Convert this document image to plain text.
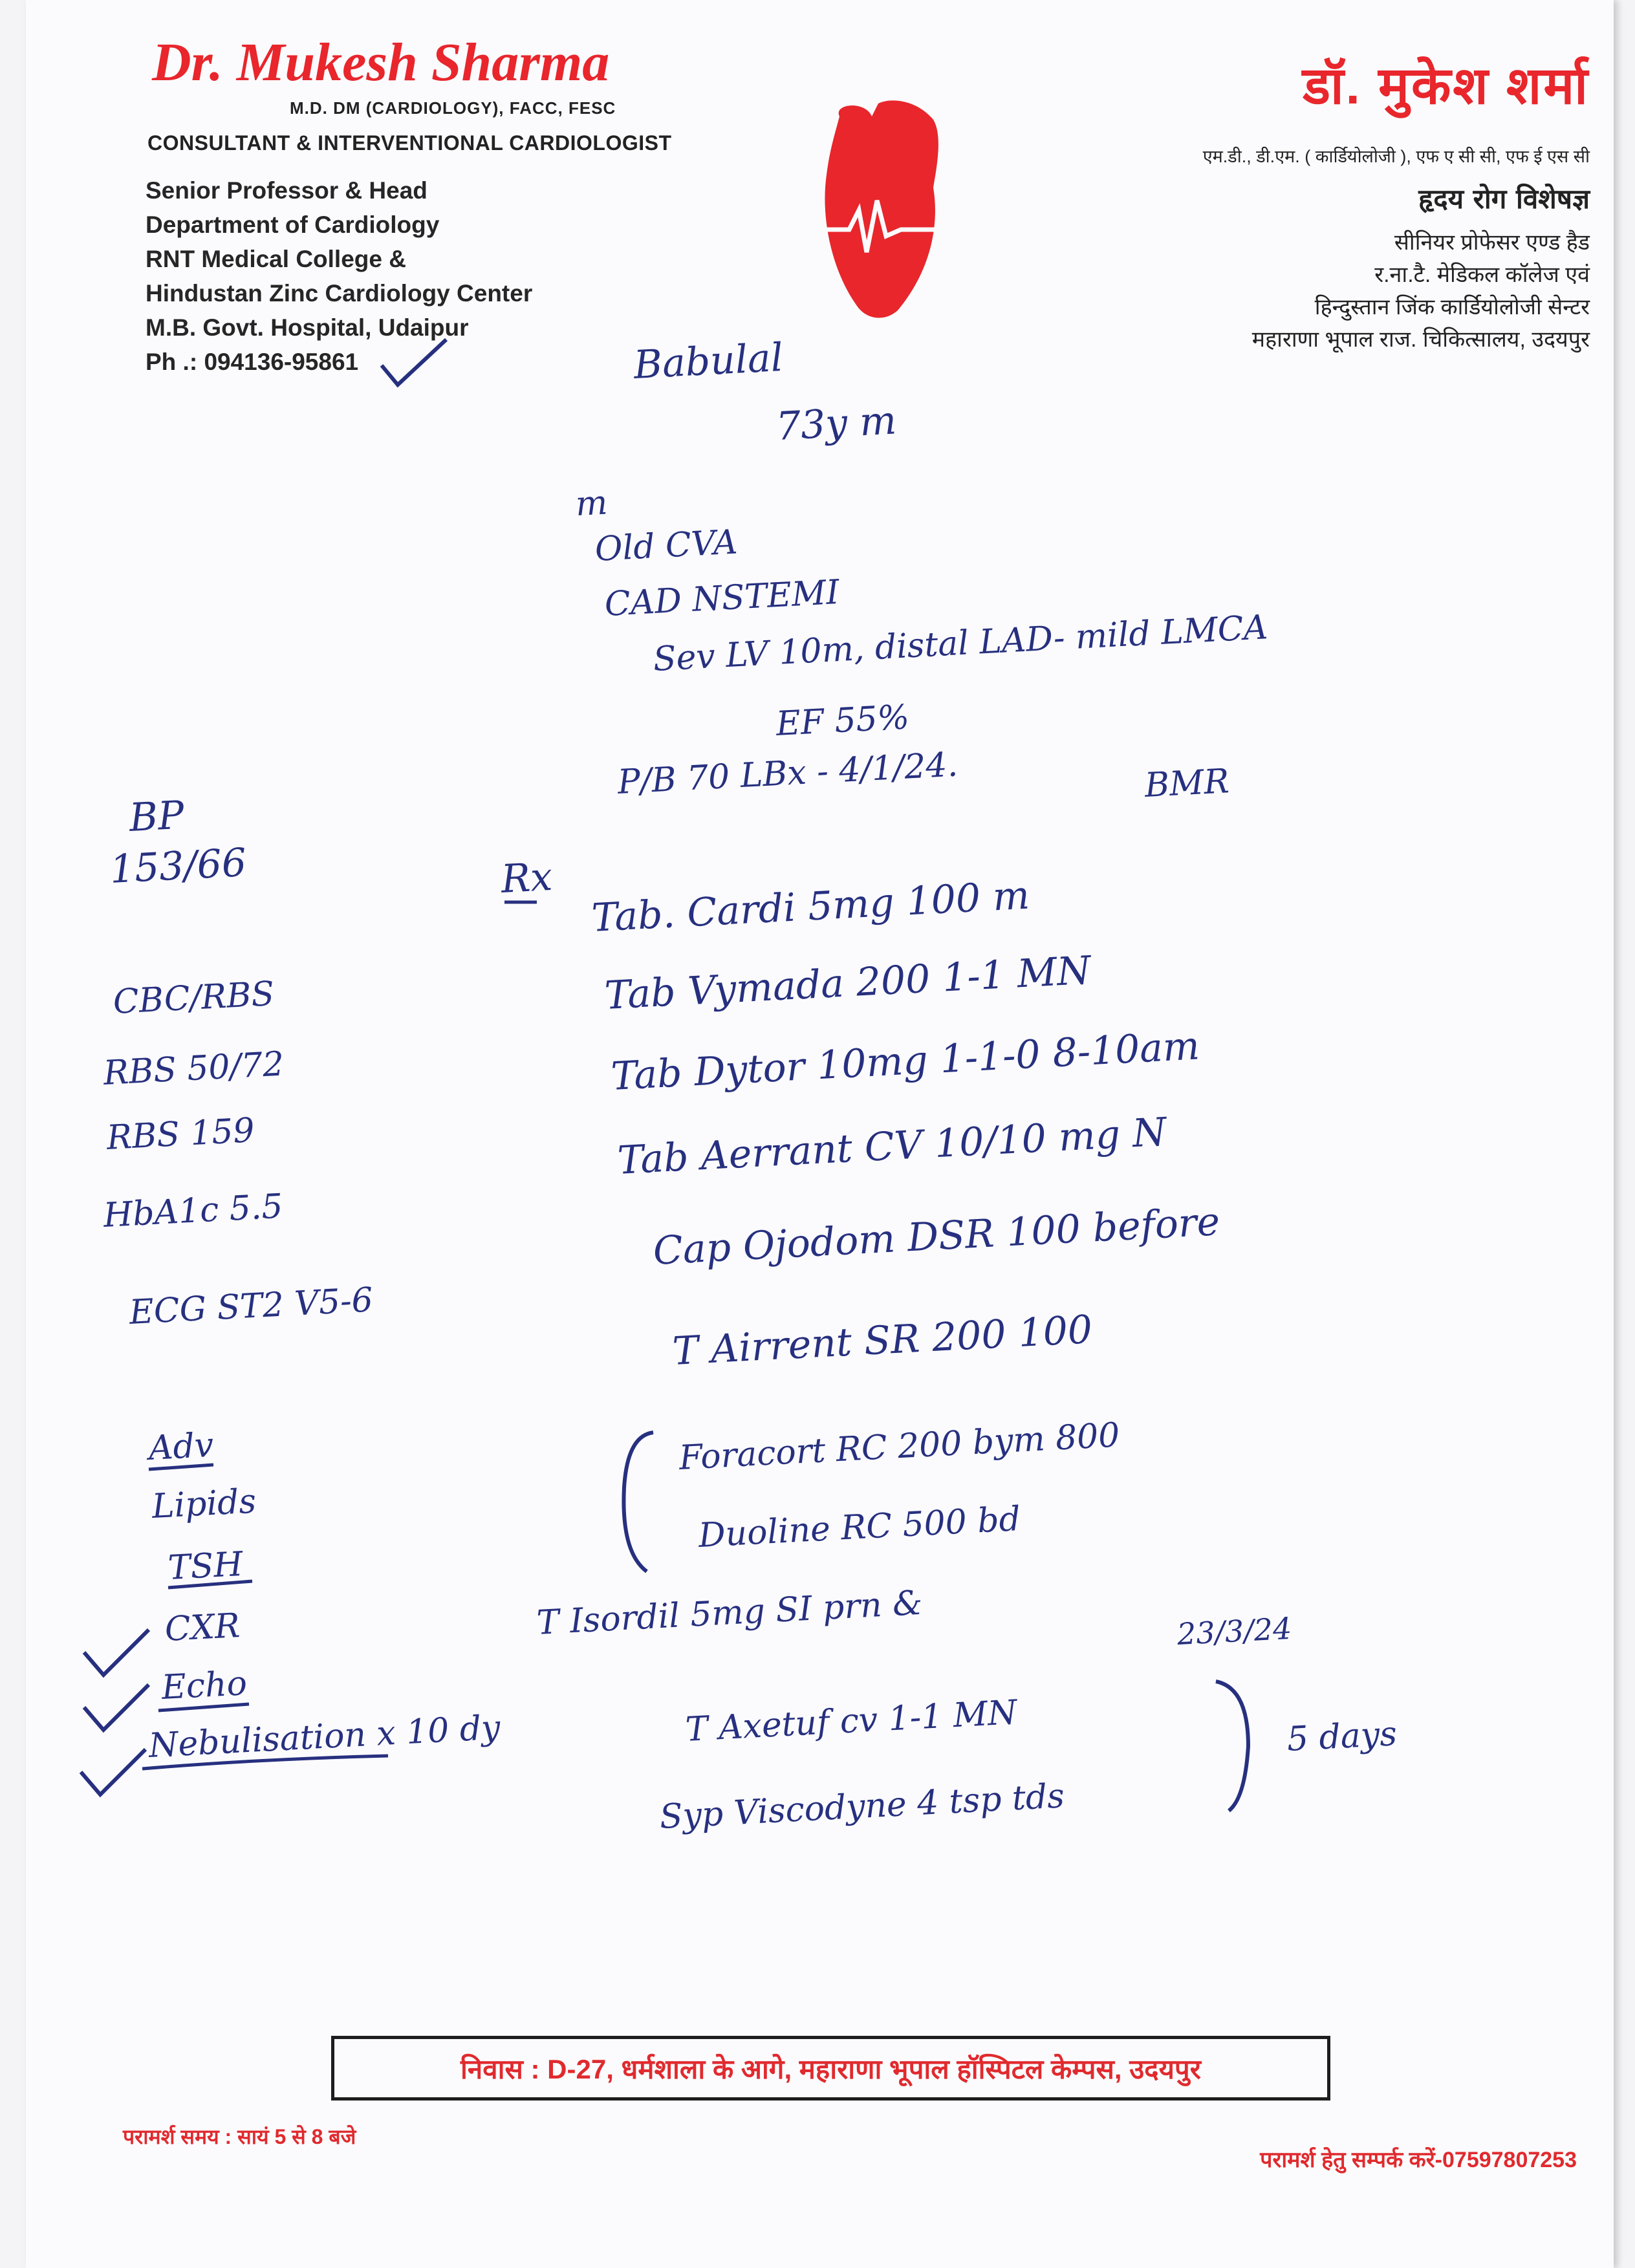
Dr. Mukesh Sharma
M.D. DM (CARDIOLOGY), FACC, FESC
CONSULTANT & INTERVENTIONAL CARDIOLOGIST
Senior Professor & Head
Department of Cardiology
RNT Medical College &
Hindustan Zinc Cardiology Center
M.B. Govt. Hospital, Udaipur
Ph .: 094136-95861
डॉ. मुकेश शर्मा
एम.डी., डी.एम. ( कार्डियोलोजी ), एफ ए सी सी, एफ ई एस सी
हृदय रोग विशेषज्ञ
सीनियर प्रोफेसर एण्ड हैड
र.ना.टै. मेडिकल कॉलेज एवं
हिन्दुस्तान जिंक कार्डियोलोजी सेन्टर
महाराणा भूपाल राज. चिकित्सालय, उदयपुर
Babulal
73y m
m
Old CVA
CAD NSTEMI
Sev LV 10m, distal LAD- mild LMCA
EF 55%
P/B 70 LBx - 4/1/24.	BMR
BP
153/66	Rx Tab. Cardi 5mg 100 m
Tab Vymada 200 1-1 MN
Tab Dytor 10mg 1-1-0 8-10am
Tab Aerrant CV 10/10 mg N
Cap Ojodom DSR 100 before
T Airrent SR 200 100
Foracort RC 200 bym 800
Duoline RC 500 bd
T Isordil 5mg SI prn &	23/3/24
T Axetuf cv 1-1 MN
Syp Viscodyne 4 tsp tds
5 days
CBC/RBS
RBS 50/72
RBS 159
HbA1c 5.5
ECG ST2 V5-6
Adv
Lipids
TSH
CXR
Echo
Nebulisation x 10 dy
निवास : D-27, धर्मशाला के आगे, महाराणा भूपाल हॉस्पिटल केम्पस, उदयपुर
परामर्श समय : सायं 5 से 8 बजे
परामर्श हेतु सम्पर्क करें-07597807253
